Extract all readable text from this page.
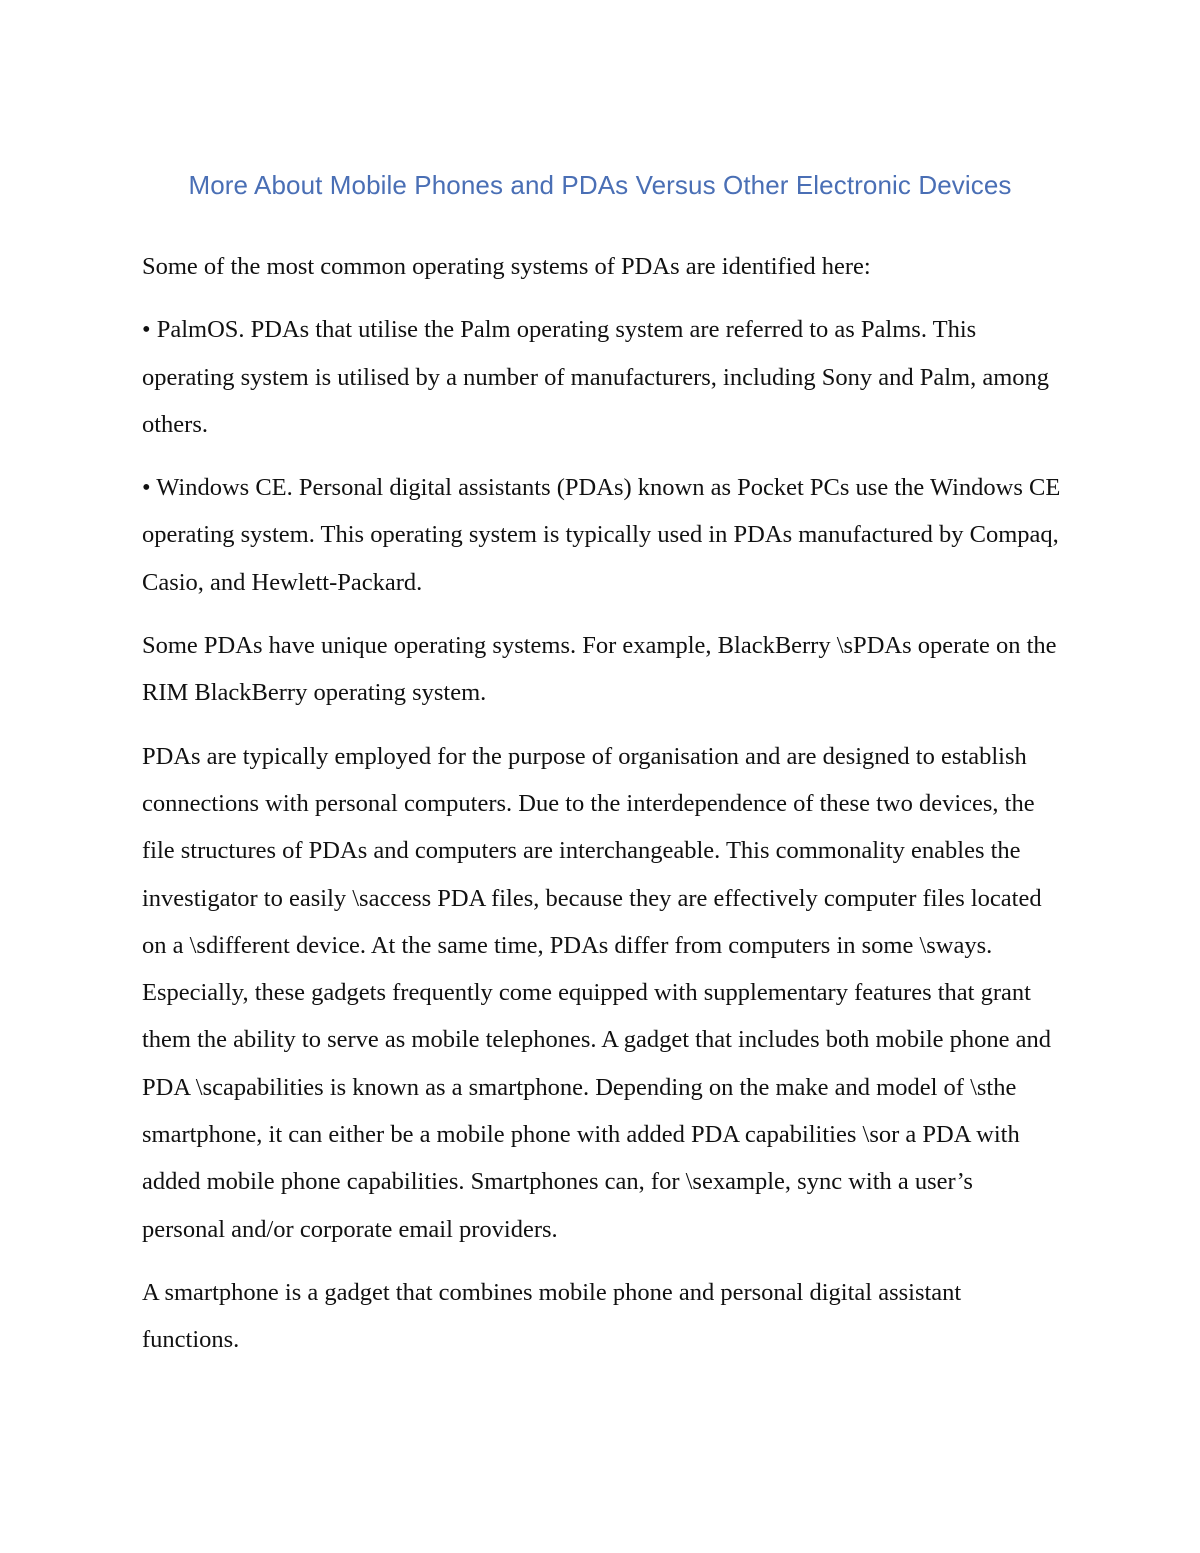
More About Mobile Phones and PDAs Versus Other Electronic Devices

Some of the most common operating systems of PDAs are identified here:

• PalmOS. PDAs that utilise the Palm operating system are referred to as Palms. This operating system is utilised by a number of manufacturers, including Sony and Palm, among others.

• Windows CE. Personal digital assistants (PDAs) known as Pocket PCs use the Windows CE operating system. This operating system is typically used in PDAs manufactured by Compaq, Casio, and Hewlett-Packard.

Some PDAs have unique operating systems. For example, BlackBerry \sPDAs operate on the RIM BlackBerry operating system.

PDAs are typically employed for the purpose of organisation and are designed to establish connections with personal computers. Due to the interdependence of these two devices, the file structures of PDAs and computers are interchangeable. This commonality enables the investigator to easily \saccess PDA files, because they are effectively computer files located on a \sdifferent device. At the same time, PDAs differ from computers in some \sways. Especially, these gadgets frequently come equipped with supplementary features that grant them the ability to serve as mobile telephones. A gadget that includes both mobile phone and PDA \scapabilities is known as a smartphone. Depending on the make and model of \sthe smartphone, it can either be a mobile phone with added PDA capabilities \sor a PDA with added mobile phone capabilities. Smartphones can, for \sexample, sync with a user’s personal and/or corporate email providers.

A smartphone is a gadget that combines mobile phone and personal digital assistant functions.
